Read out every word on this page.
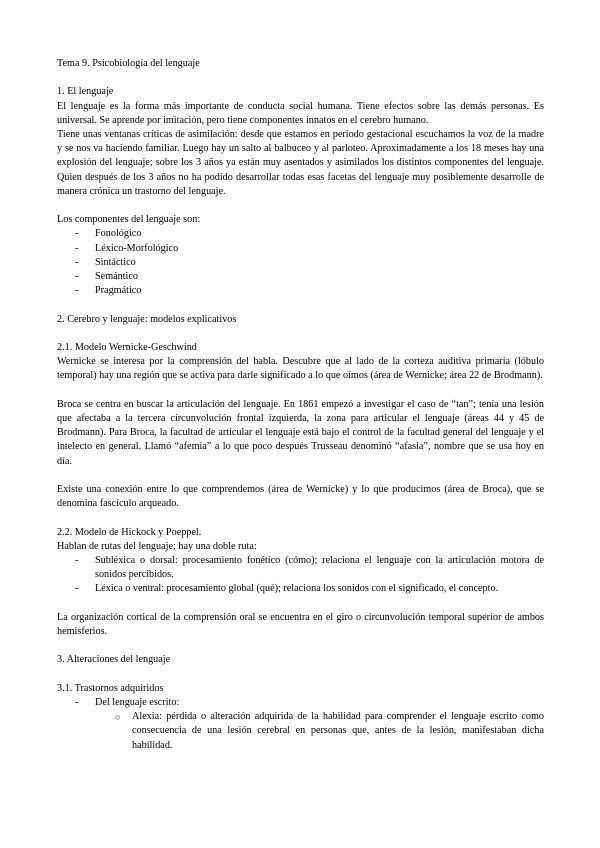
Tema 9. Psicobiología del lenguaje

1. El lenguaje

El lenguaje es la forma más importante de conducta social humana. Tiene efectos sobre las demás personas. Es universal. Se aprende por imitación, pero tiene componentes innatos en el cerebro humano.

Tiene unas ventanas críticas de asimilación: desde que estamos en periodo gestacional escuchamos la voz de la madre y se nos va haciendo familiar. Luego hay un salto al balbuceo y al parloteo. Aproximadamente a los 18 meses hay una explosión del lenguaje; sobre los 3 años ya están muy asentados y asimilados los distintos componentes del lenguaje. Quien después de los 3 años no ha podido desarrollar todas esas facetas del lenguaje muy posiblemente desarrolle de manera crónica un trastorno del lenguaje.

Los componentes del lenguaje son:

- Fonológico
- Léxico-Morfológico
- Sintáctico
- Semántico
- Pragmático

2. Cerebro y lenguaje: modelos explicativos

2.1. Modelo Wernicke-Geschwind

Wernicke se interesa por la comprensión del habla. Descubre que al lado de la corteza auditiva primaria (lóbulo temporal) hay una región que se activa para darle significado a lo que oímos (área de Wernicke; área 22 de Brodmann).

Broca se centra en buscar la articulación del lenguaje. En 1861 empezó a investigar el caso de “tan”; tenía una lesión que afectaba a la tercera circunvolución frontal izquierda, la zona para articular el lenguaje (áreas 44 y 45 de Brodmann). Para Broca, la facultad de articular el lenguaje está bajo el control de la facultad general del lenguaje y el intelecto en general. Llamó “afemia” a lo que poco después Trusseau denominó “afasia”, nombre que se usa hoy en día.

Existe una conexión entre lo que comprendemos (área de Wernicke) y lo que producimos (área de Broca), que se denomina fascículo arqueado.

2.2. Modelo de Hickock y Poeppel.

Hablan de rutas del lenguaje; hay una doble ruta:

- Subléxica o dorsal: procesamiento fonético (cómo); relaciona el lenguaje con la articulación motora de sonidos percibidos.
- Léxica o ventral: procesamiento global (qué); relaciona los sonidos con el significado, el concepto.

La organización cortical de la comprensión oral se encuentra en el giro o circunvolución temporal superior de ambos hemisferios.

3. Alteraciones del lenguaje

3.1. Trastornos adquiridos

- Del lenguaje escrito:
○ Alexia: pérdida o alteración adquirida de la habilidad para comprender el lenguaje escrito como consecuencia de una lesión cerebral en personas que, antes de la lesión, manifestaban dicha habilidad.
